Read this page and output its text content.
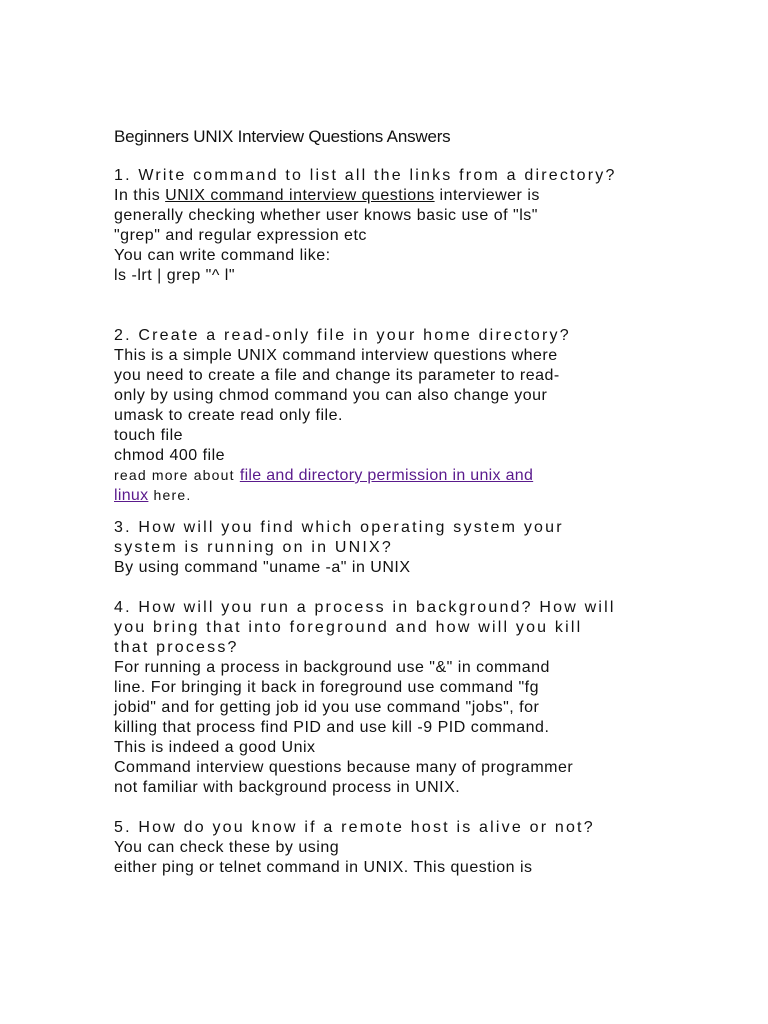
Beginners UNIX Interview Questions Answers
1. Write command to list all the links from a directory?
In this UNIX command interview questions interviewer is
generally checking whether user knows basic use of "ls"
"grep" and regular expression etc
You can write command like:
ls -lrt | grep "^ l"
2. Create a read-only file in your home directory?
This is a simple UNIX command interview questions where
you need to create a file and change its parameter to read-
only by using chmod command you can also change your
umask to create read only file.
touch file
chmod 400 file
read more about file and directory permission in unix and
linux here.
3. How will you find which operating system your
system is running on in UNIX?
By using command "uname -a" in UNIX
4. How will you run a process in background? How will
you bring that into foreground and how will you kill
that process?
For running a process in background use "&" in command
line. For bringing it back in foreground use command "fg
jobid" and for getting job id you use command "jobs", for
killing that process find PID and use kill -9 PID command.
This is indeed a good Unix
Command interview questions because many of programmer
not familiar with background process in UNIX.
5. How do you know if a remote host is alive or not?
You can check these by using
either ping or telnet command in UNIX. This question is
